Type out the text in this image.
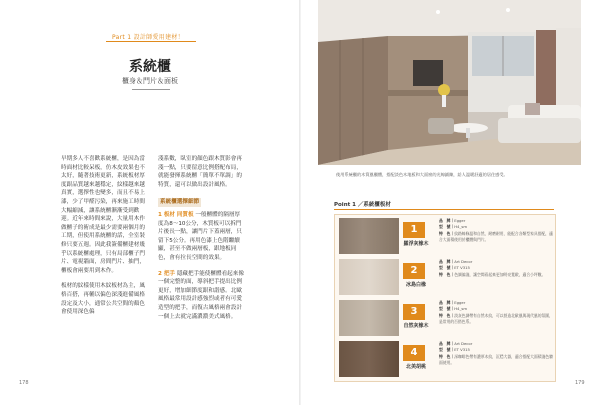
Part 1 設計師愛用建材！
系統櫃
櫃身＆門片＆面板

早期多人不喜歡系統櫃，是因為當時面材比較呆板，仿木皮效果也不太好，隨著技術更新，系統板材厚度跟品質越來越穩定，紋樣越來越真實，選擇性也變多，而且不易上漆，少了甲醛污染，再來施工時間大幅縮減，讓系統櫃漸漸受到歡迎。近年來時間來說，大量用木作做櫃子的術成是最少需要兩個月的工期，但使用系統櫃的話，全室裝修只要五週。因此我簽備櫃建材幾乎以系統櫃處理，只有局部櫃子門片、電視牆面，房間門片、抽門，櫃板會兩要用到木作。

板材的紋樣使用木紋板材為主，風格百搭，再輔以偏色深淺進備風格設定及大小，通常公共空間的顏色會使用深色偏

淺系數，臥室的顏色跟木質影會再淺一點，只要留意比例搭配布局，就能發揮系統櫃「簡單不單調」的特質，還可以做出設計風格。

系統櫃選擇細節

1 板材 同質板 一般櫃體的隔層厚度為8～10公分，木質板可以拆門片後長一點，讓門片下蓋兩層，只留下5公分。再用色漆上色階繼續顯，甚至不做兩層板，跟地板同色，會有拉長空間的效果。

2 把手 隱藏把手能使櫃體看起來像一個完整的面，導斜把手提出比例更好，增加細節度跟和諧感。北歐風格最常用設計感強烈或者有可愛造型的把手，而復古風格兩會設計一個上去就完滿濃濃美式風格。

178
使用系統櫃的木質風櫃體，搭配淡色木地板和大面窗的光線鋪陳，給人溫暖舒適的居住感受。
Point 1 ／系統櫃板材
1
羅浮灰橡木
品　牌｜Egger
型　號｜H4_sm
特　色｜紋路線條溫和自然，耐磨耐用，能配合各類型家具搭配，適合大面積使用於櫃體與門片。
2
冰島白橡
品　牌｜Art Decor
型　號｜ET V315
特　色｜色調偏淺，讓空間看起來更加明亮寬敞，適合小坪數。
3
自然灰橡木
品　牌｜Egger
型　號｜H4_sm
特　色｜淡灰色調帶有自然木紋，可以營造北歐風與現代風的氛圍，是常用的百搭色系。
4
北美胡桃
品　牌｜Art Decor
型　號｜ET V315
特　色｜深咖啡色帶有濃厚木紋，沉穩大器，適合搭配大面積淺色牆面使用。
179
